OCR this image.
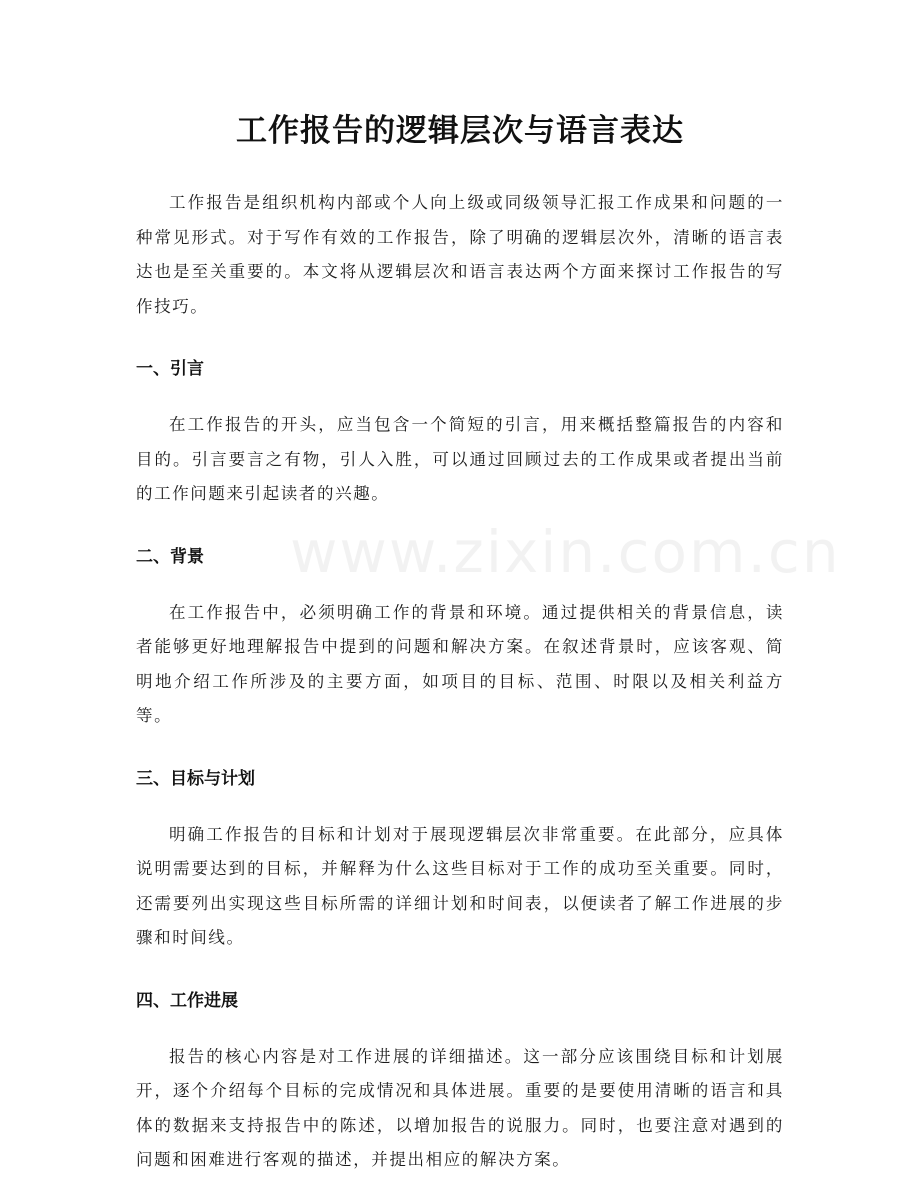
工作报告的逻辑层次与语言表达

工作报告是组织机构内部或个人向上级或同级领导汇报工作成果和问题的一种常见形式。对于写作有效的工作报告，除了明确的逻辑层次外，清晰的语言表达也是至关重要的。本文将从逻辑层次和语言表达两个方面来探讨工作报告的写作技巧。

一、引言

在工作报告的开头，应当包含一个简短的引言，用来概括整篇报告的内容和目的。引言要言之有物，引人入胜，可以通过回顾过去的工作成果或者提出当前的工作问题来引起读者的兴趣。

二、背景

在工作报告中，必须明确工作的背景和环境。通过提供相关的背景信息，读者能够更好地理解报告中提到的问题和解决方案。在叙述背景时，应该客观、简明地介绍工作所涉及的主要方面，如项目的目标、范围、时限以及相关利益方等。

三、目标与计划

明确工作报告的目标和计划对于展现逻辑层次非常重要。在此部分，应具体说明需要达到的目标，并解释为什么这些目标对于工作的成功至关重要。同时，还需要列出实现这些目标所需的详细计划和时间表，以便读者了解工作进展的步骤和时间线。

四、工作进展

报告的核心内容是对工作进展的详细描述。这一部分应该围绕目标和计划展开，逐个介绍每个目标的完成情况和具体进展。重要的是要使用清晰的语言和具体的数据来支持报告中的陈述，以增加报告的说服力。同时，也要注意对遇到的问题和困难进行客观的描述，并提出相应的解决方案。

www.zixin.com.cn
